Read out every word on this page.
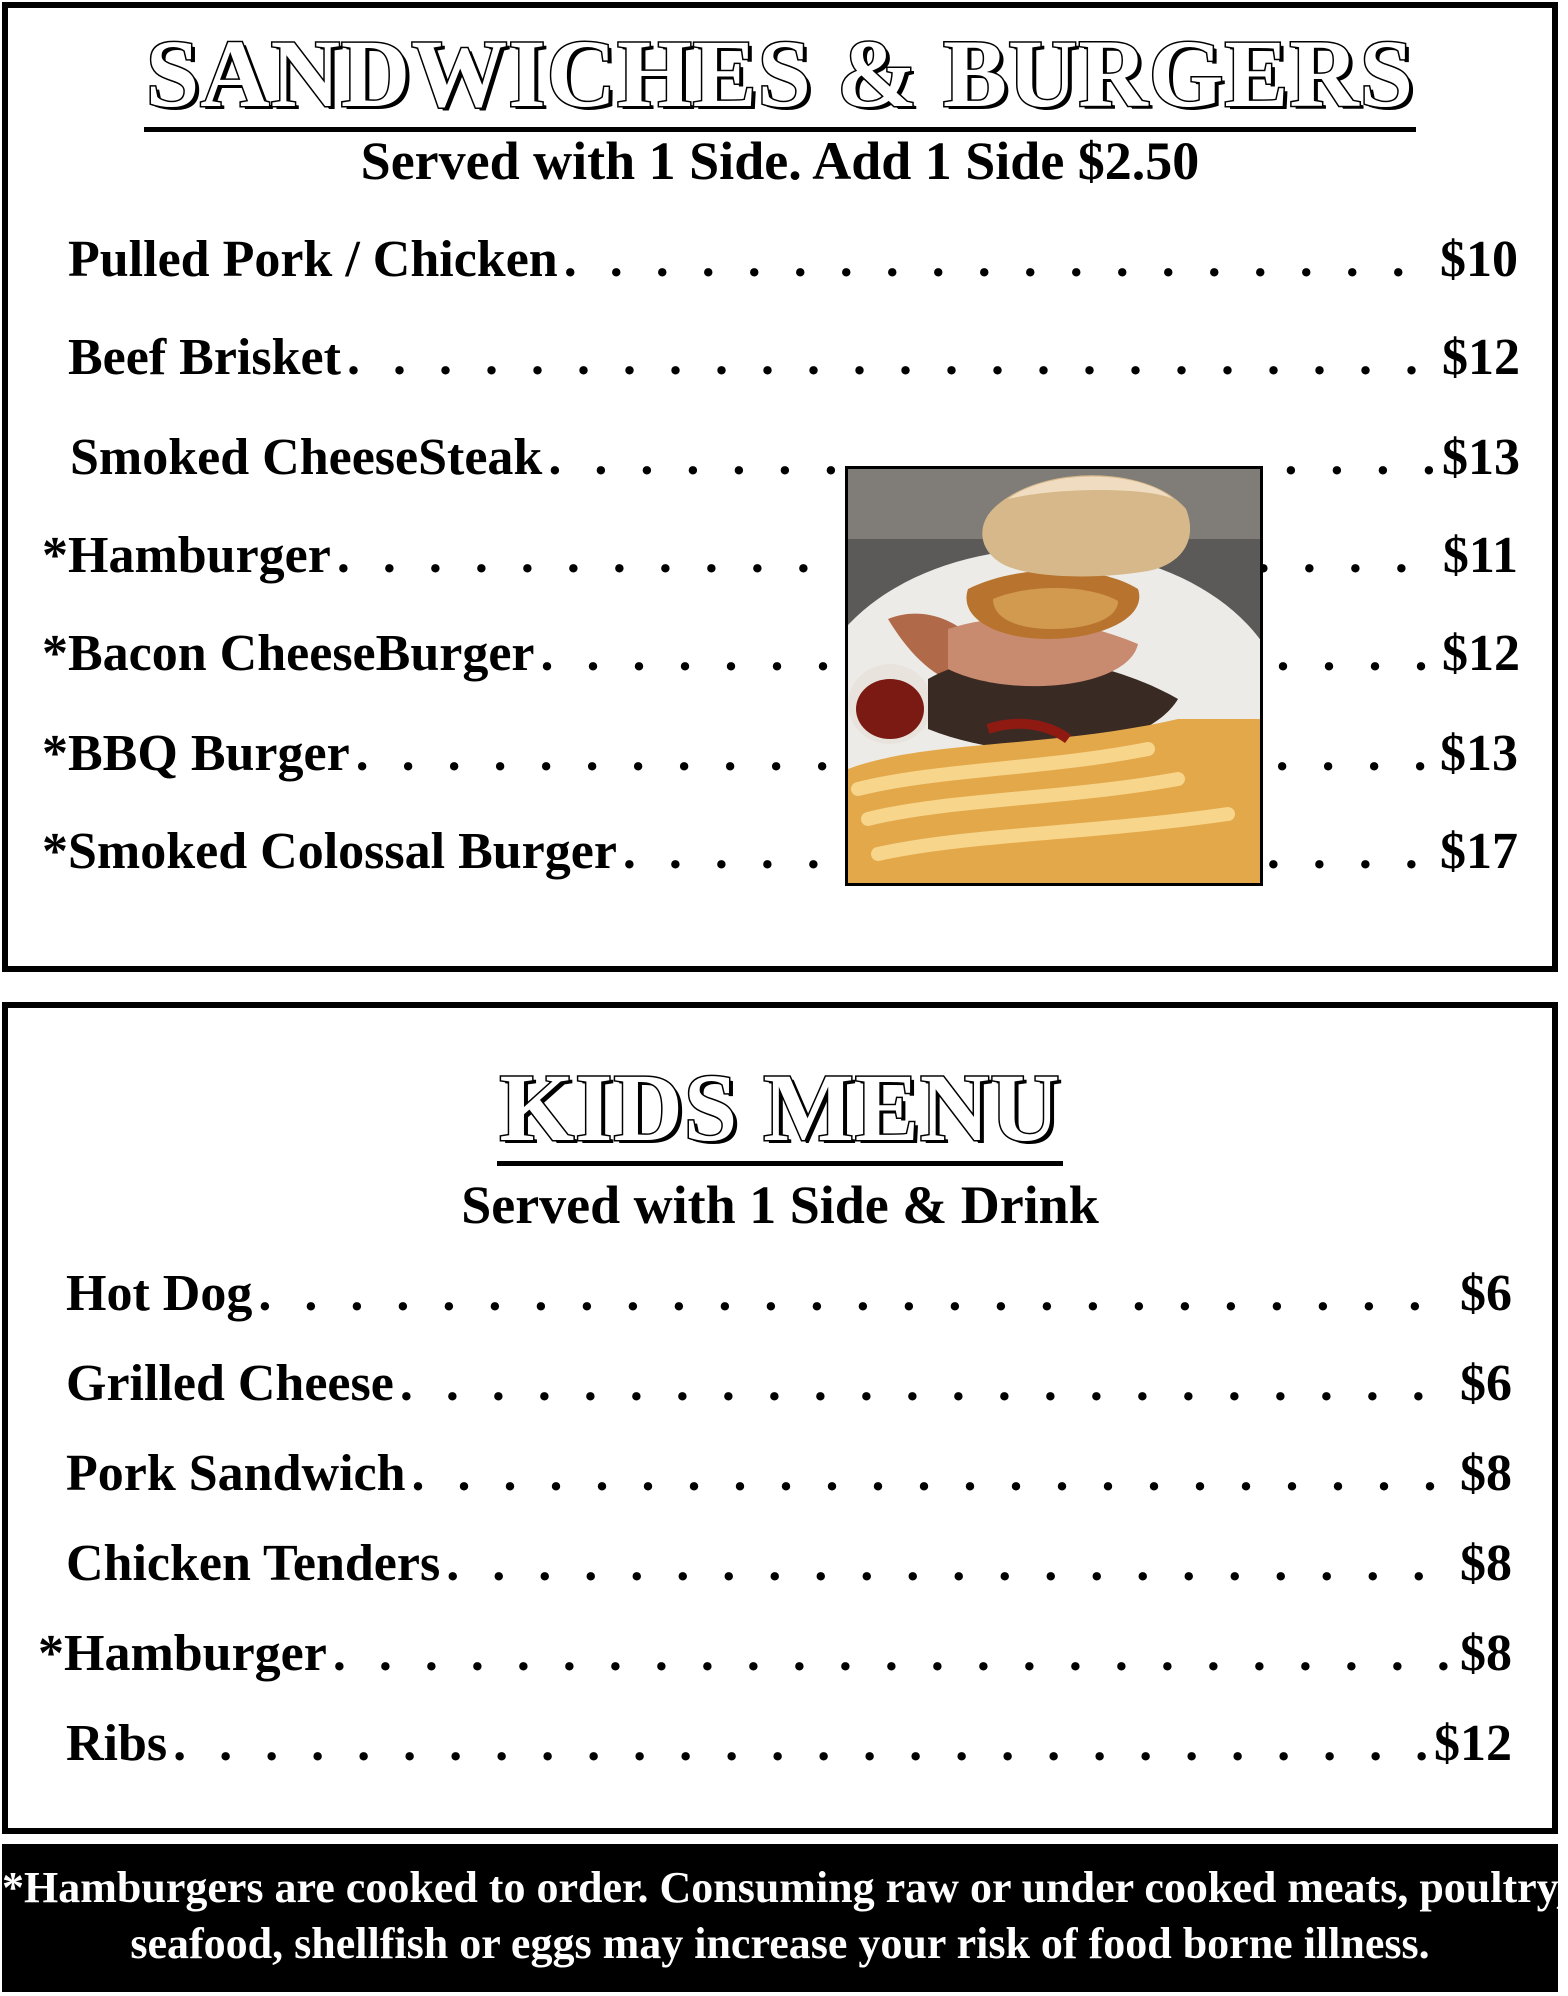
SANDWICHES & BURGERS
Served with 1 Side. Add 1 Side $2.50
Pulled Pork / Chicken . . .	$10
Beef Brisket . . .	$12
Smoked CheeseSteak . . .	$13
*Hamburger . . .	$11
*Bacon CheeseBurger . . .	$12
*BBQ Burger . . .	$13
*Smoked Colossal Burger . . .	$17
KIDS MENU
Served with 1 Side & Drink
Hot Dog . . .	$6
Grilled Cheese . . .	$6
Pork Sandwich . . .	$8
Chicken Tenders . . .	$8
*Hamburger . . .	$8
Ribs . . .	$12
*Hamburgers are cooked to order. Consuming raw or under cooked meats, poultry,
seafood, shellfish or eggs may increase your risk of food borne illness.
